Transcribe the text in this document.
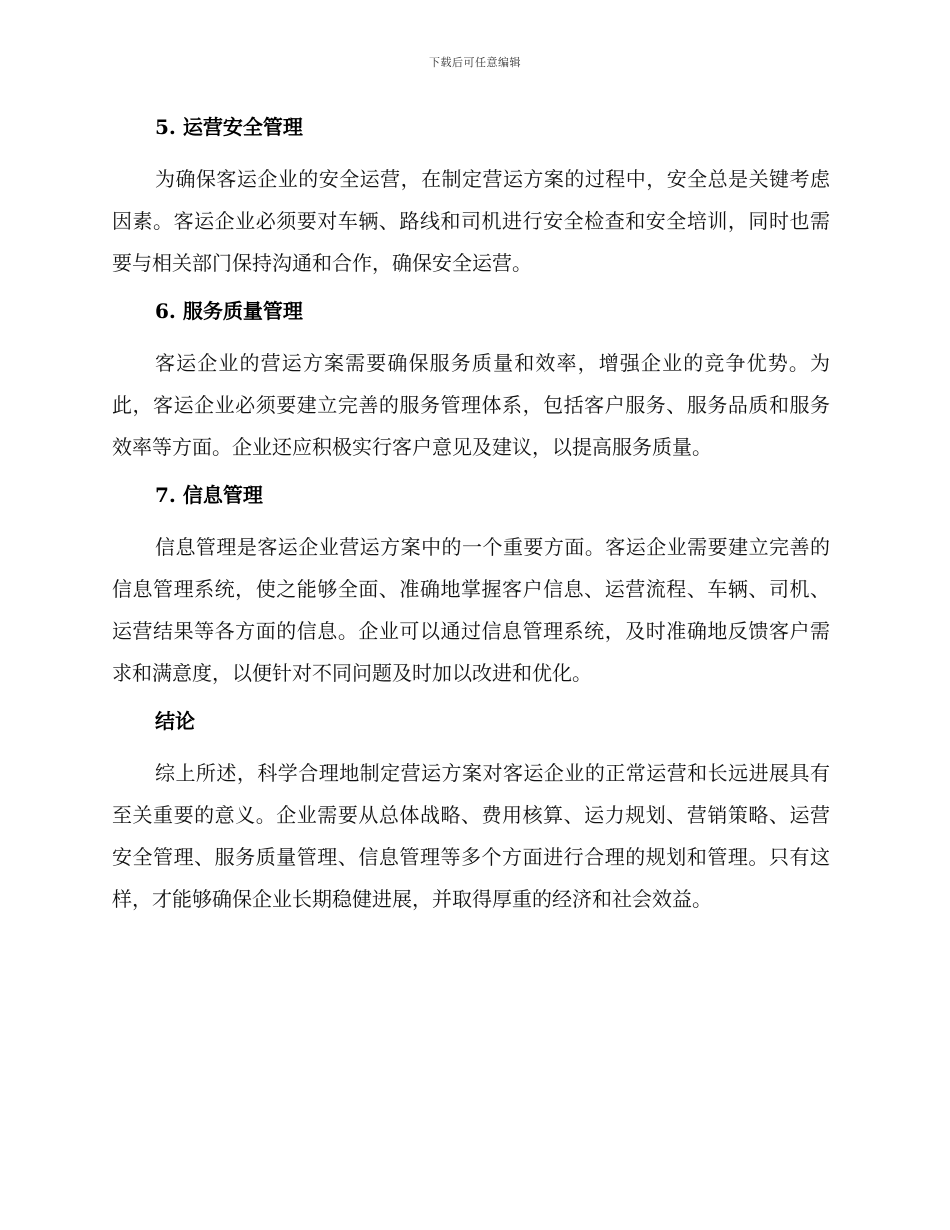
下载后可任意编辑
5. 运营安全管理

为确保客运企业的安全运营，在制定营运方案的过程中，安全总是关键考虑因素。客运企业必须要对车辆、路线和司机进行安全检查和安全培训，同时也需要与相关部门保持沟通和合作，确保安全运营。

6. 服务质量管理

客运企业的营运方案需要确保服务质量和效率，增强企业的竞争优势。为此，客运企业必须要建立完善的服务管理体系，包括客户服务、服务品质和服务效率等方面。企业还应积极实行客户意见及建议，以提高服务质量。

7. 信息管理

信息管理是客运企业营运方案中的一个重要方面。客运企业需要建立完善的信息管理系统，使之能够全面、准确地掌握客户信息、运营流程、车辆、司机、运营结果等各方面的信息。企业可以通过信息管理系统，及时准确地反馈客户需求和满意度，以便针对不同问题及时加以改进和优化。

结论

综上所述，科学合理地制定营运方案对客运企业的正常运营和长远进展具有至关重要的意义。企业需要从总体战略、费用核算、运力规划、营销策略、运营安全管理、服务质量管理、信息管理等多个方面进行合理的规划和管理。只有这样，才能够确保企业长期稳健进展，并取得厚重的经济和社会效益。
